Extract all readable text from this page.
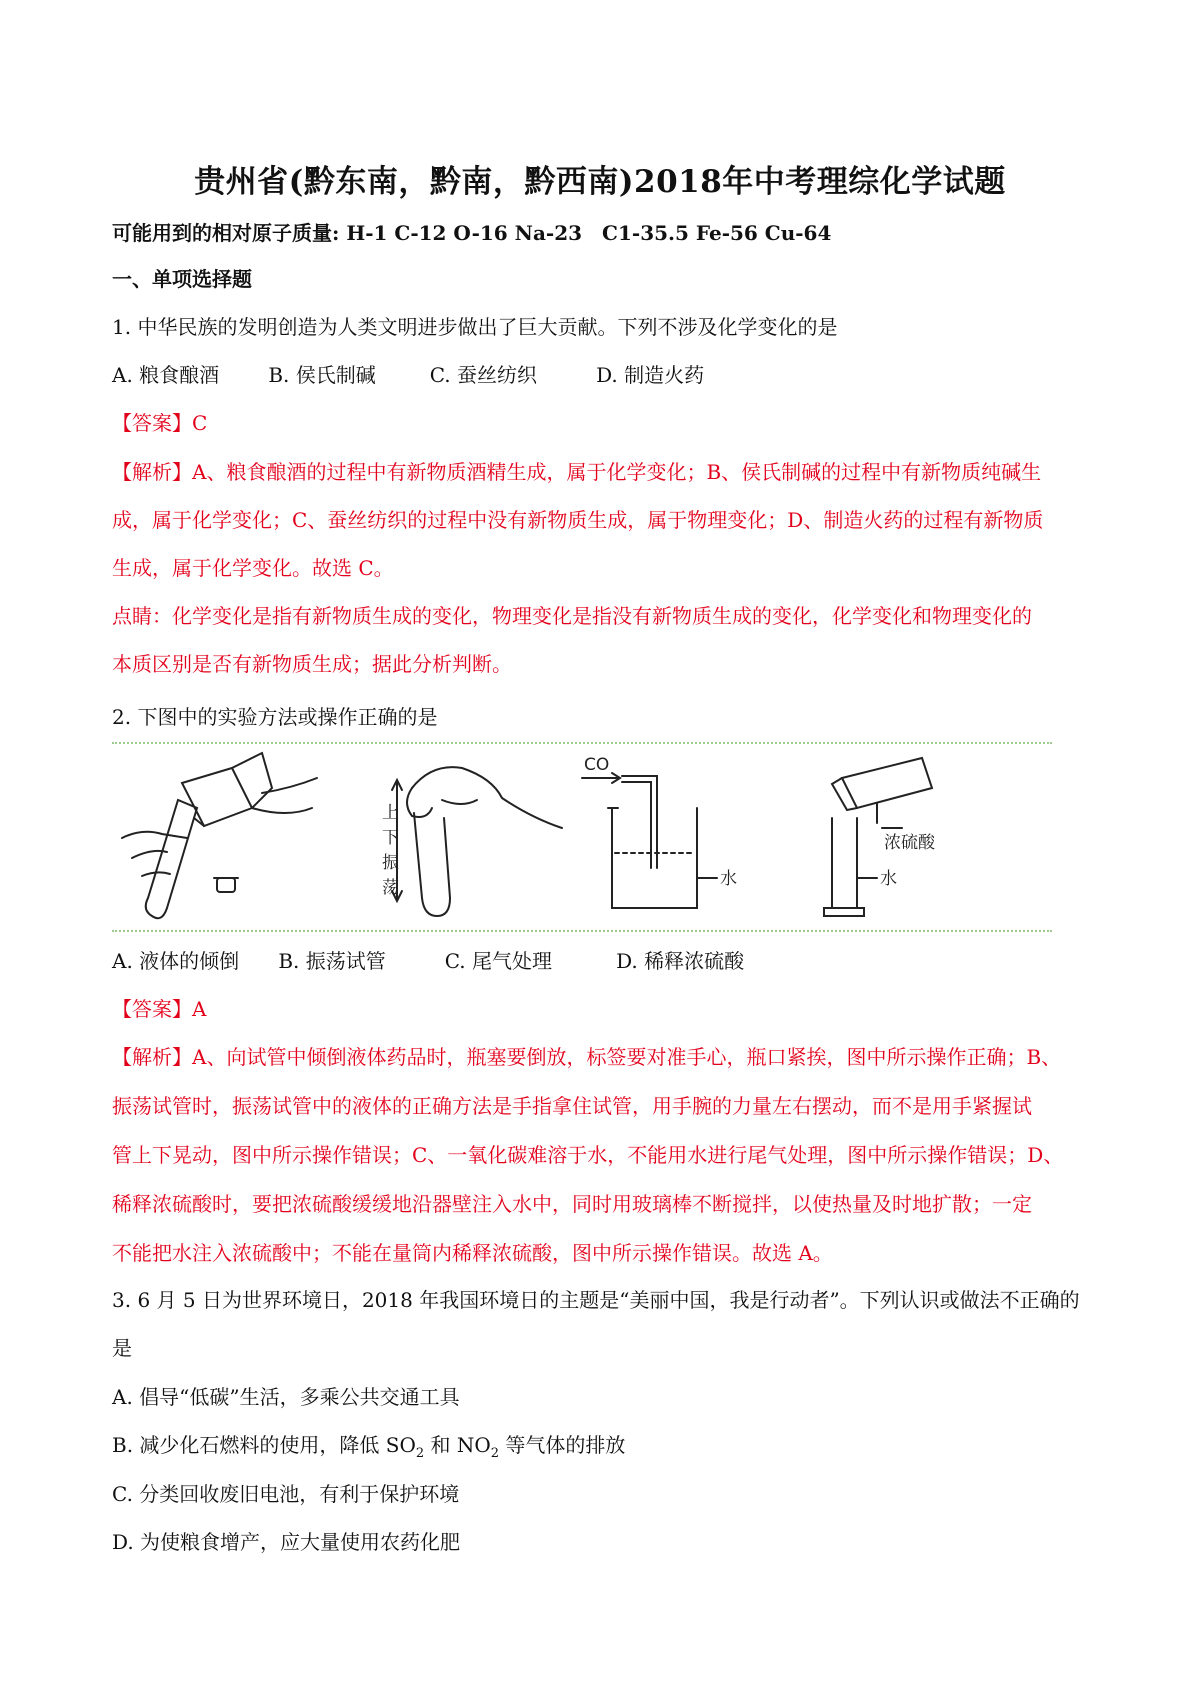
贵州省(黔东南，黔南，黔西南)2018年中考理综化学试题
可能用到的相对原子质量: H-1 C-12 O-16 Na-23　C1-35.5 Fe-56 Cu-64
一、单项选择题
1. 中华民族的发明创造为人类文明进步做出了巨大贡献。下列不涉及化学变化的是
A. 粮食酿酒 B. 侯氏制碱	C. 蚕丝纺织	D. 制造火药
【答案】C
【解析】A、粮食酿酒的过程中有新物质酒精生成，属于化学变化；B、侯氏制碱的过程中有新物质纯碱生
成，属于化学变化；C、蚕丝纺织的过程中没有新物质生成，属于物理变化；D、制造火药的过程有新物质
生成，属于化学变化。故选 C。
点睛：化学变化是指有新物质生成的变化，物理变化是指没有新物质生成的变化，化学变化和物理变化的
本质区别是否有新物质生成；据此分析判断。
2. 下图中的实验方法或操作正确的是
上
下
振
荡
CO
水	水
浓硫酸
A. 液体的倾倒 B. 振荡试管	C. 尾气处理	D. 稀释浓硫酸
【答案】A
【解析】A、向试管中倾倒液体药品时，瓶塞要倒放，标签要对准手心，瓶口紧挨，图中所示操作正确；B、
振荡试管时，振荡试管中的液体的正确方法是手指拿住试管，用手腕的力量左右摆动，而不是用手紧握试
管上下晃动，图中所示操作错误；C、一氧化碳难溶于水，不能用水进行尾气处理，图中所示操作错误；D、
稀释浓硫酸时，要把浓硫酸缓缓地沿器壁注入水中，同时用玻璃棒不断搅拌，以使热量及时地扩散；一定
不能把水注入浓硫酸中；不能在量筒内稀释浓硫酸，图中所示操作错误。故选 A。
3. 6 月 5 日为世界环境日，2018 年我国环境日的主题是“美丽中国，我是行动者”。下列认识或做法不正确的
是
A. 倡导“低碳”生活，多乘公共交通工具
B. 减少化石燃料的使用，降低 $SO_2$ 和 $NO_2$ 等气体的排放
C. 分类回收废旧电池，有利于保护环境
D. 为使粮食增产，应大量使用农药化肥
